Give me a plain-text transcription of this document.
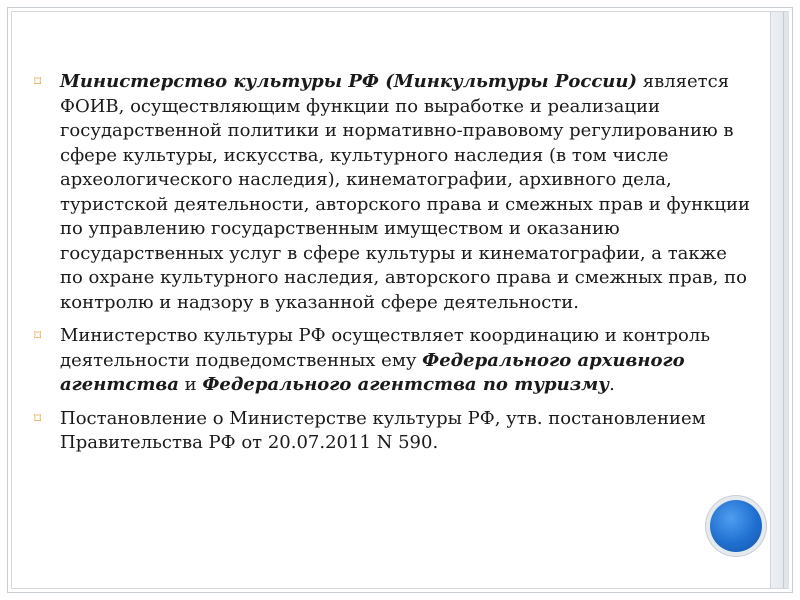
⌑	Министерство культуры РФ (Минкультуры России) является ФОИВ, осуществляющим функции по выработке и реализации государственной политики и нормативно-правовому регулированию в сфере культуры, искусства, культурного наследия (в том числе археологического наследия), кинематографии, архивного дела, туристской деятельности, авторского права и смежных прав и функции по управлению государственным имуществом и оказанию государственных услуг в сфере культуры и кинематографии, а также по охране культурного наследия, авторского права и смежных прав, по контролю и надзору в указанной сфере деятельности.
⌑	Министерство культуры РФ осуществляет координацию и контроль деятельности подведомственных ему Федерального архивного агентства и Федерального агентства по туризму.
⌑	Постановление о Министерстве культуры РФ, утв. постановлением Правительства РФ от 20.07.2011 N 590.
